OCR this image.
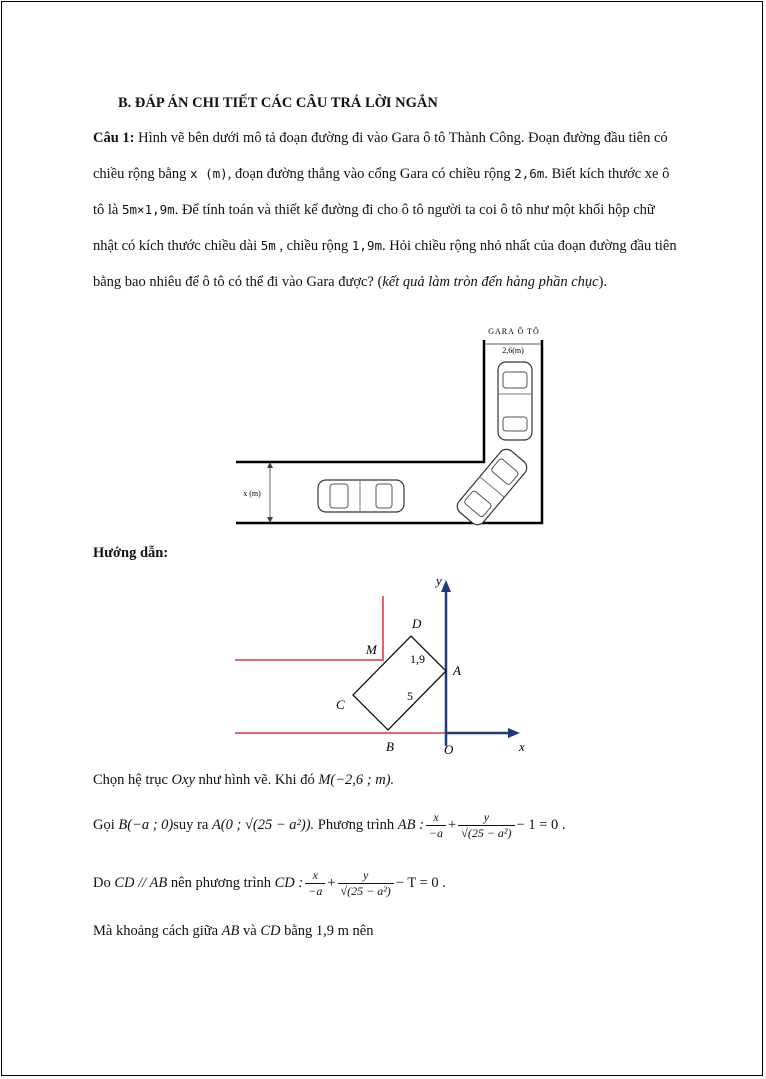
B. ĐÁP ÁN CHI TIẾT CÁC CÂU TRẢ LỜI NGẮN
Câu 1: Hình vẽ bên dưới mô tả đoạn đường đi vào Gara ô tô Thành Công. Đoạn đường đầu tiên có chiều rộng bằng x (m), đoạn đường thẳng vào cổng Gara có chiều rộng 2,6m. Biết kích thước xe ô tô là 5m×1,9m. Để tính toán và thiết kế đường đi cho ô tô người ta coi ô tô như một khối hộp chữ nhật có kích thước chiều dài 5m , chiều rộng 1,9m. Hỏi chiều rộng nhỏ nhất của đoạn đường đầu tiên bằng bao nhiêu để ô tô có thể đi vào Gara được? (kết quả làm tròn đến hàng phần chục).
GARA Ô TÔ
2,6(m)
x (m)
Hướng dẫn:
y
x
O
A
B
C
D
M
1,9
5
Chọn hệ trục Oxy như hình vẽ. Khi đó M(−2,6 ; m).
Gọi B(−a ; 0)suy ra A(0 ; √(25 − a²)). Phương trình AB : $\frac{x}{-a} + \frac{y}{\text{√(25 − a²)}} - 1 = 0$ .
Do CD // AB nên phương trình CD : $\frac{x}{-a} + \frac{y}{\text{√(25 − a²)}} - T = 0$ .
Mà khoảng cách giữa AB và CD bằng 1,9 m nên
